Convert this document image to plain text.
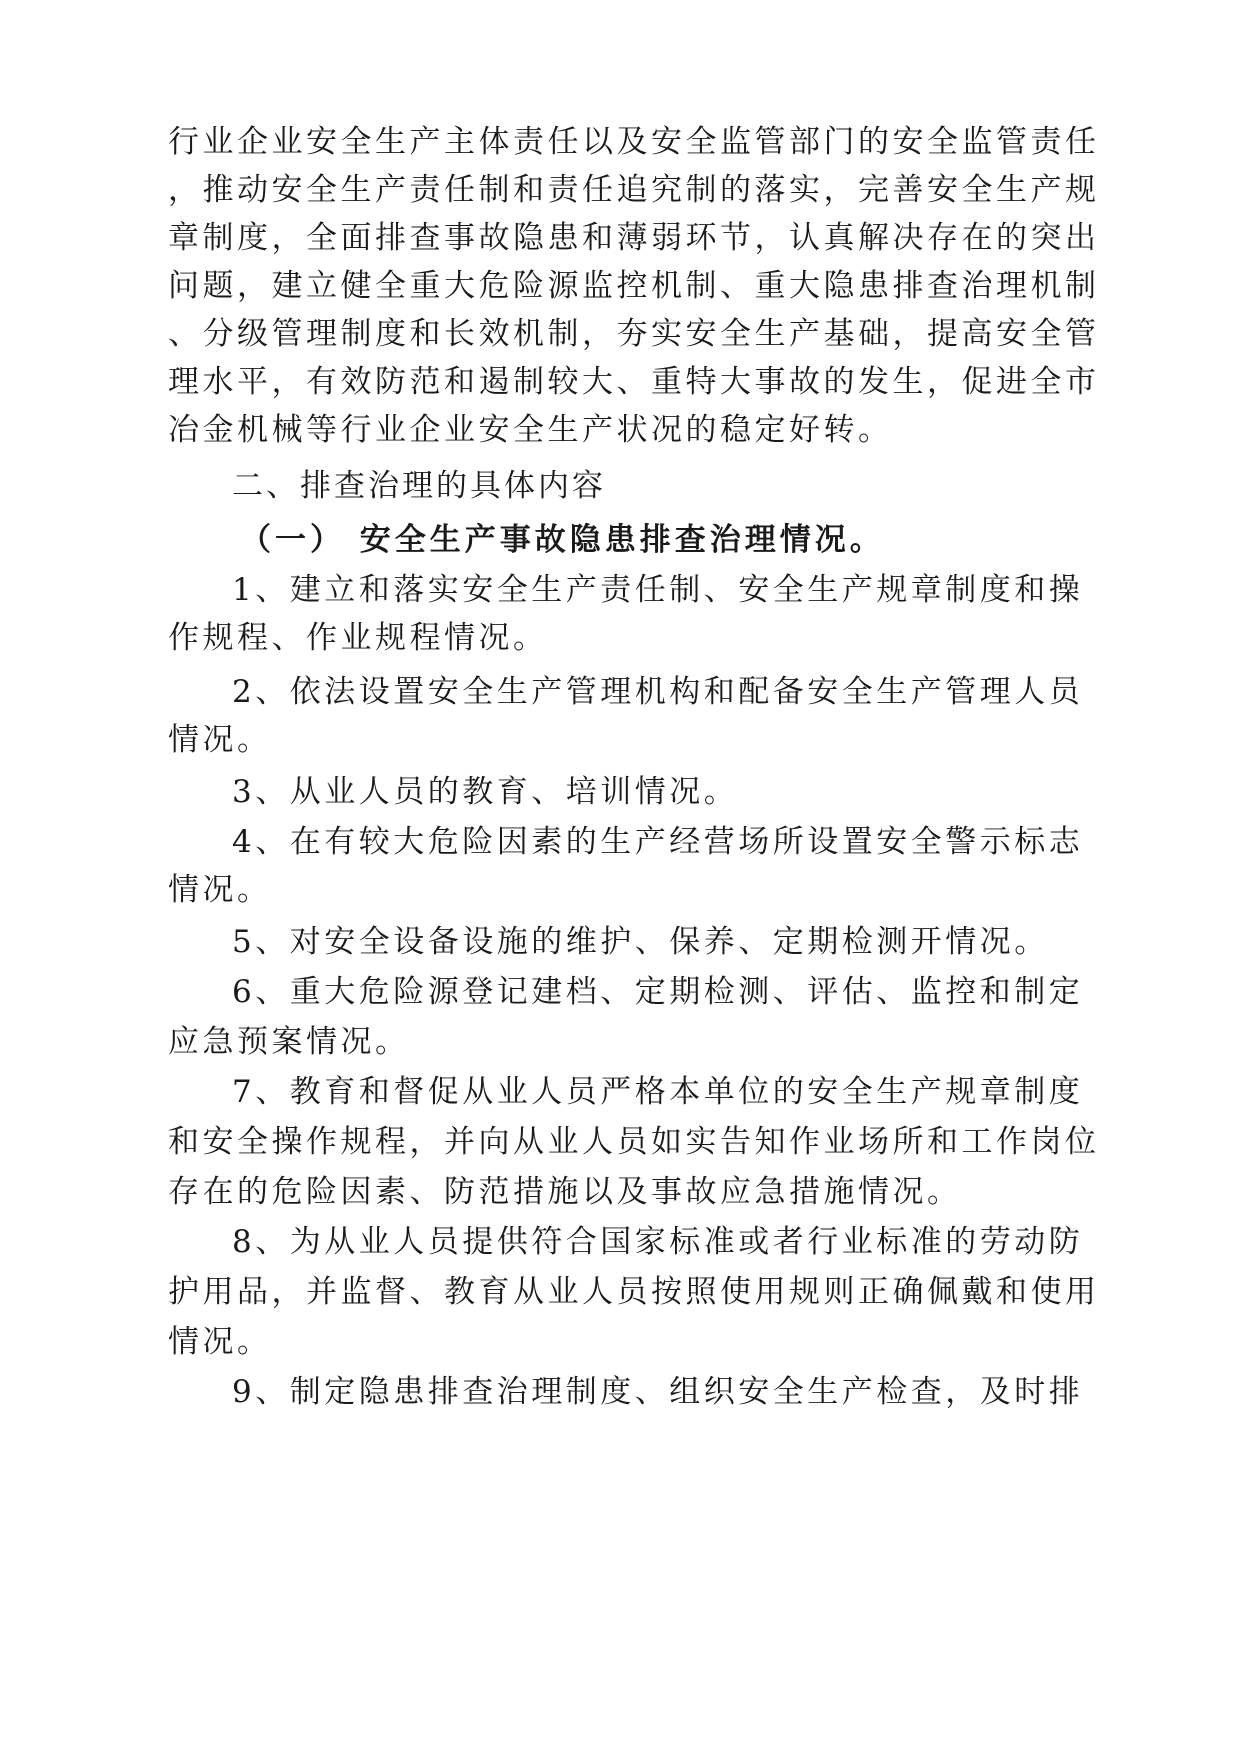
行业企业安全生产主体责任以及安全监管部门的安全监管责任
，推动安全生产责任制和责任追究制的落实，完善安全生产规
章制度，全面排查事故隐患和薄弱环节，认真解决存在的突出
问题，建立健全重大危险源监控机制、重大隐患排查治理机制
、分级管理制度和长效机制，夯实安全生产基础，提高安全管
理水平，有效防范和遏制较大、重特大事故的发生，促进全市
冶金机械等行业企业安全生产状况的稳定好转。
二、排查治理的具体内容
（一） 安全生产事故隐患排查治理情况。
1、建立和落实安全生产责任制、安全生产规章制度和操
作规程、作业规程情况。
2、依法设置安全生产管理机构和配备安全生产管理人员
情况。
3、从业人员的教育、培训情况。
4、在有较大危险因素的生产经营场所设置安全警示标志
情况。
5、对安全设备设施的维护、保养、定期检测开情况。
6、重大危险源登记建档、定期检测、评估、监控和制定
应急预案情况。
7、教育和督促从业人员严格本单位的安全生产规章制度
和安全操作规程，并向从业人员如实告知作业场所和工作岗位
存在的危险因素、防范措施以及事故应急措施情况。
8、为从业人员提供符合国家标准或者行业标准的劳动防
护用品，并监督、教育从业人员按照使用规则正确佩戴和使用
情况。
9、制定隐患排查治理制度、组织安全生产检查，及时排
